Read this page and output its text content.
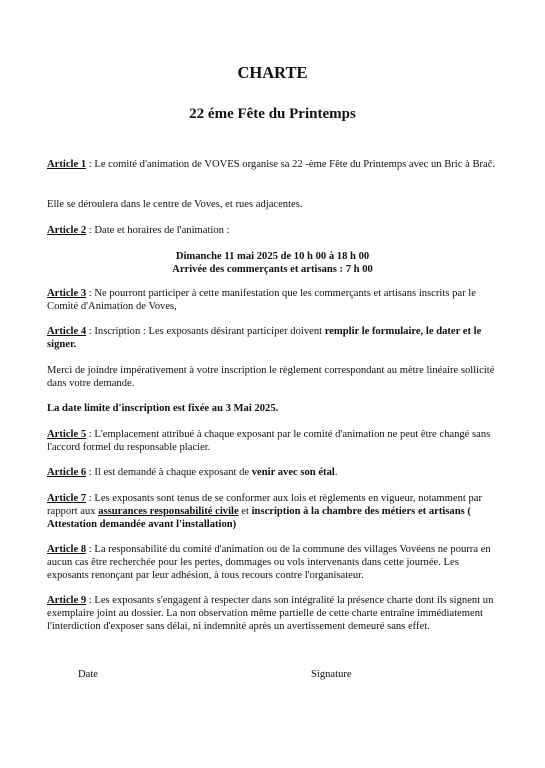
CHARTE
22 éme Fête du Printemps
Article 1 : Le comité d'animation de VOVES organise sa 22 -ème Fête du Printemps avec un Bric à Brač.
Elle se déroulera dans le centre de Voves, et rues adjacentes.
Article 2 : Date et horaires de l'animation :
Dimanche 11 mai 2025 de 10 h 00 à 18 h 00
Arrivée des commerçants et artisans : 7 h 00
Article 3 : Ne pourront participer à cette manifestation que les commerçants et artisans inscrits par le Comité d'Animation de Voves,
Article 4 : Inscription : Les exposants désirant participer doivent remplir le formulaire, le dater et le signer.
Merci de joindre impérativement à votre inscription le règlement correspondant au mètre linéaire sollicité dans votre demande.
La date limite d'inscription est fixée au 3 Mai 2025.
Article 5 : L'emplacement attribué à chaque exposant par le comité d'animation ne peut être changé sans l'accord formel du responsable placier.
Article 6 : Il est demandé à chaque exposant de venir avec son étal.
Article 7 : Les exposants sont tenus de se conformer aux lois et règlements en vigueur, notamment par rapport aux assurances responsabilité civile et inscription à la chambre des métiers et artisans ( Attestation demandée avant l'installation)
Article 8 : La responsabilité du comité d'animation ou de la commune des villages Vovéens ne pourra en aucun cas être recherchée pour les pertes, dommages ou vols intervenants dans cette journée. Les exposants renonçant par leur adhésion, à tous recours contre l'organisateur.
Article 9 : Les exposants s'engagent à respecter dans son intégralité la présence charte dont ils signent un exemplaire joint au dossier. La non observation même partielle de cette charte entraîne immédiatement l'interdiction d'exposer sans délai, ni indemnité après un avertissement demeuré sans effet.
Date	Signature
